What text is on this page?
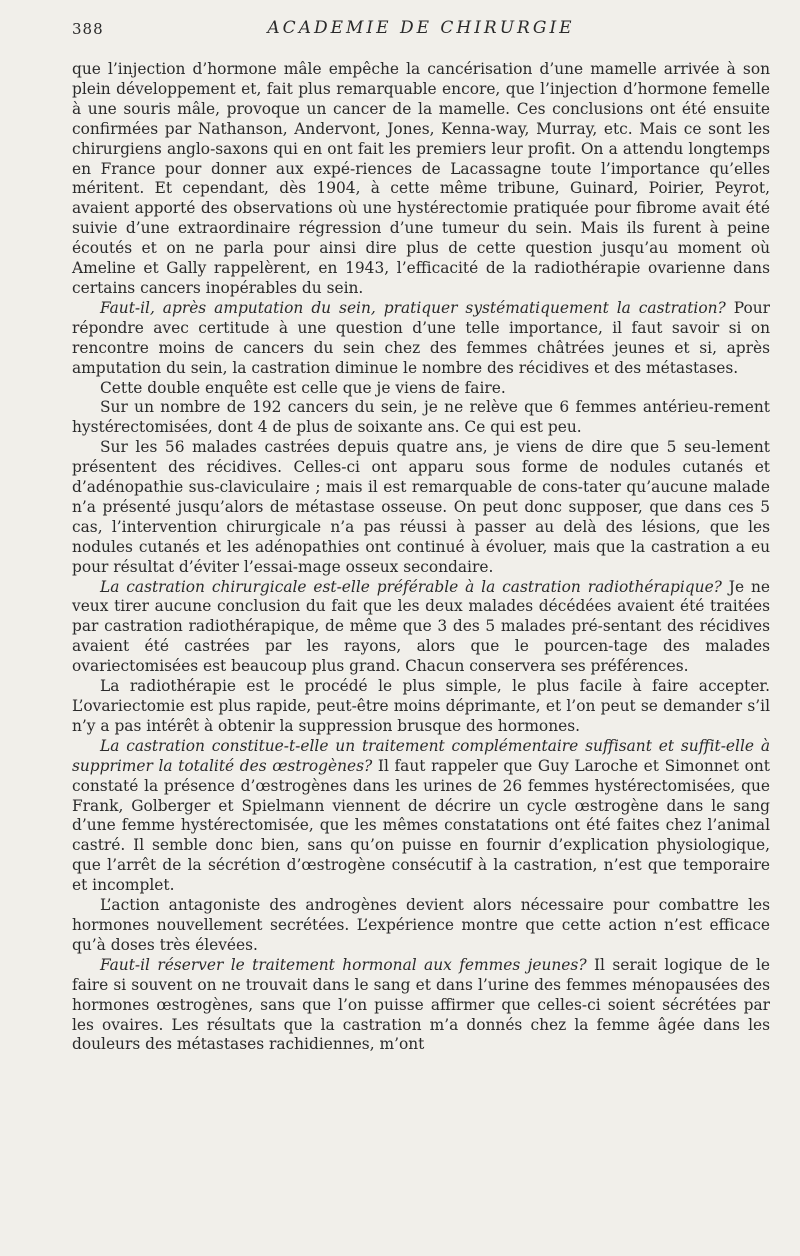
388	ACADEMIE DE CHIRURGIE

que l’injection d’hormone mâle empêche la cancérisation d’une mamelle arrivée à son plein développement et, fait plus remarquable encore, que l’injection d’hormone femelle à une souris mâle, provoque un cancer de la mamelle. Ces conclusions ont été ensuite confirmées par Nathanson, Andervont, Jones, Kenna-way, Murray, etc. Mais ce sont les chirurgiens anglo-saxons qui en ont fait les premiers leur profit. On a attendu longtemps en France pour donner aux expé-riences de Lacassagne toute l’importance qu’elles méritent. Et cependant, dès 1904, à cette même tribune, Guinard, Poirier, Peyrot, avaient apporté des observations où une hystérectomie pratiquée pour fibrome avait été suivie d’une extraordinaire régression d’une tumeur du sein. Mais ils furent à peine écoutés et on ne parla pour ainsi dire plus de cette question jusqu’au moment où Ameline et Gally rappelèrent, en 1943, l’efficacité de la radiothérapie ovarienne dans certains cancers inopérables du sein.

Faut-il, après amputation du sein, pratiquer systématiquement la castration? Pour répondre avec certitude à une question d’une telle importance, il faut savoir si on rencontre moins de cancers du sein chez des femmes châtrées jeunes et si, après amputation du sein, la castration diminue le nombre des récidives et des métastases.

Cette double enquête est celle que je viens de faire.

Sur un nombre de 192 cancers du sein, je ne relève que 6 femmes antérieu-rement hystérectomisées, dont 4 de plus de soixante ans. Ce qui est peu.

Sur les 56 malades castrées depuis quatre ans, je viens de dire que 5 seu-lement présentent des récidives. Celles-ci ont apparu sous forme de nodules cutanés et d’adénopathie sus-claviculaire ; mais il est remarquable de cons-tater qu’aucune malade n’a présenté jusqu’alors de métastase osseuse. On peut donc supposer, que dans ces 5 cas, l’intervention chirurgicale n’a pas réussi à passer au delà des lésions, que les nodules cutanés et les adénopathies ont continué à évoluer, mais que la castration a eu pour résultat d’éviter l’essai-mage osseux secondaire.

La castration chirurgicale est-elle préférable à la castration radiothérapique? Je ne veux tirer aucune conclusion du fait que les deux malades décédées avaient été traitées par castration radiothérapique, de même que 3 des 5 malades pré-sentant des récidives avaient été castrées par les rayons, alors que le pourcen-tage des malades ovariectomisées est beaucoup plus grand. Chacun conservera ses préférences.

La radiothérapie est le procédé le plus simple, le plus facile à faire accepter. L’ovariectomie est plus rapide, peut-être moins déprimante, et l’on peut se demander s’il n’y a pas intérêt à obtenir la suppression brusque des hormones.

La castration constitue-t-elle un traitement complémentaire suffisant et suffit-elle à supprimer la totalité des œstrogènes? Il faut rappeler que Guy Laroche et Simonnet ont constaté la présence d’œstrogènes dans les urines de 26 femmes hystérectomisées, que Frank, Golberger et Spielmann viennent de décrire un cycle œstrogène dans le sang d’une femme hystérectomisée, que les mêmes constatations ont été faites chez l’animal castré. Il semble donc bien, sans qu’on puisse en fournir d’explication physiologique, que l’arrêt de la sécrétion d’œstrogène consécutif à la castration, n’est que temporaire et incomplet.

L’action antagoniste des androgènes devient alors nécessaire pour combattre les hormones nouvellement secrétées. L’expérience montre que cette action n’est efficace qu’à doses très élevées.

Faut-il réserver le traitement hormonal aux femmes jeunes? Il serait logique de le faire si souvent on ne trouvait dans le sang et dans l’urine des femmes ménopausées des hormones œstrogènes, sans que l’on puisse affirmer que celles-ci soient sécrétées par les ovaires. Les résultats que la castration m’a donnés chez la femme âgée dans les douleurs des métastases rachidiennes, m’ont
